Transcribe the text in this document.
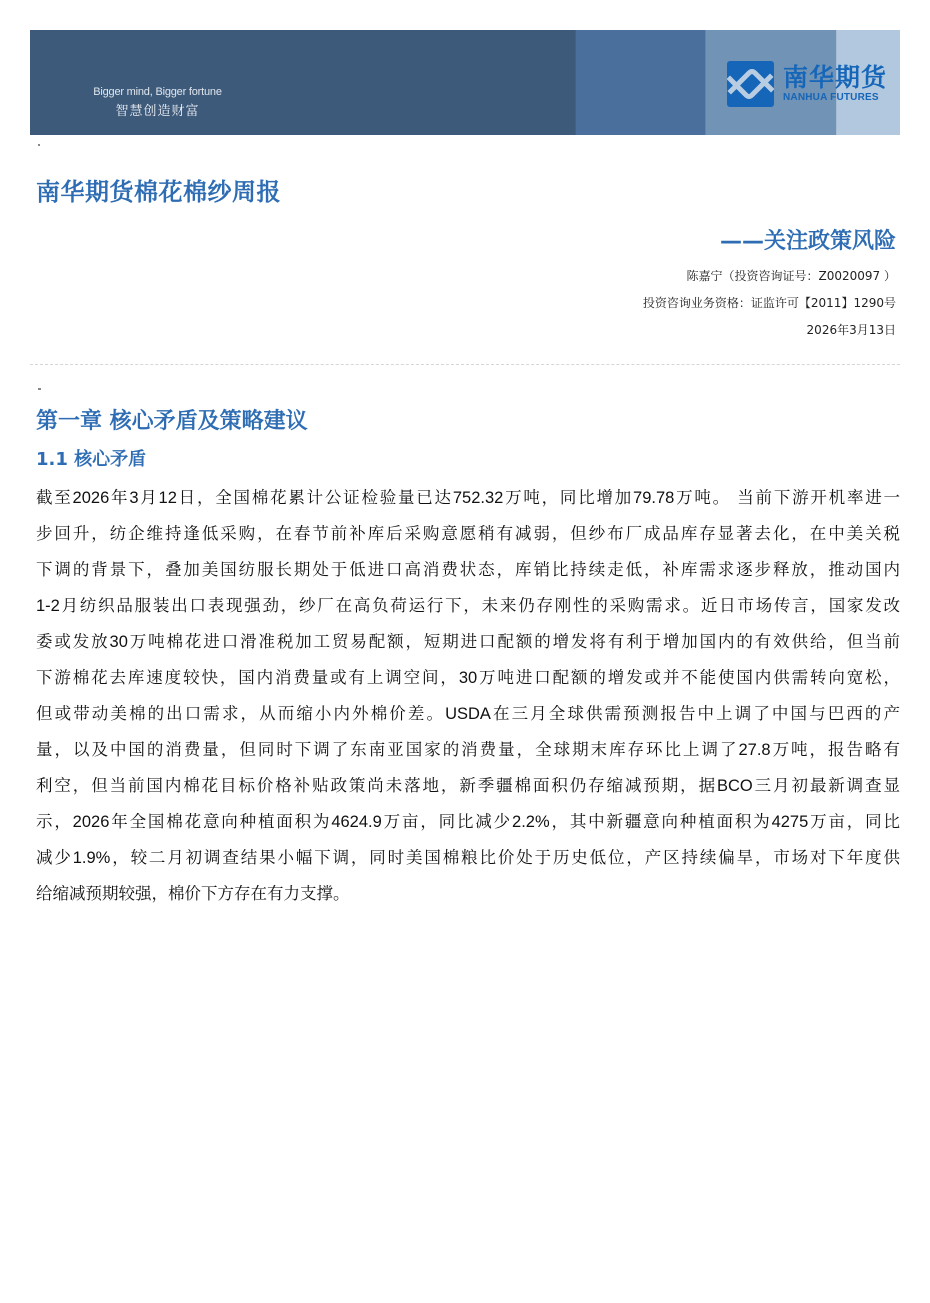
Bigger mind, Bigger fortune
智慧创造财富
南华期货
NANHUA FUTURES
南华期货棉花棉纱周报
——关注政策风险
陈嘉宁（投资咨询证号：Z0020097 ）
投资咨询业务资格：证监许可【2011】1290号
2026年3月13日
第一章 核心矛盾及策略建议
1.1 核心矛盾
截至2026年3月12日，全国棉花累计公证检验量已达752.32万吨，同比增加79.78万吨。 当前下游开机率进一
步回升，纺企维持逢低采购，在春节前补库后采购意愿稍有减弱，但纱布厂成品库存显著去化，在中美关税
下调的背景下，叠加美国纺服长期处于低进口高消费状态，库销比持续走低，补库需求逐步释放，推动国内
1-2月纺织品服装出口表现强劲，纱厂在高负荷运行下，未来仍存刚性的采购需求。近日市场传言，国家发改
委或发放30万吨棉花进口滑准税加工贸易配额，短期进口配额的增发将有利于增加国内的有效供给，但当前
下游棉花去库速度较快，国内消费量或有上调空间，30万吨进口配额的增发或并不能使国内供需转向宽松，
但或带动美棉的出口需求，从而缩小内外棉价差。USDA在三月全球供需预测报告中上调了中国与巴西的产
量，以及中国的消费量，但同时下调了东南亚国家的消费量，全球期末库存环比上调了27.8万吨，报告略有
利空，但当前国内棉花目标价格补贴政策尚未落地，新季疆棉面积仍存缩减预期，据BCO三月初最新调查显
示，2026年全国棉花意向种植面积为4624.9万亩，同比减少2.2%，其中新疆意向种植面积为4275万亩，同比
减少1.9%，较二月初调查结果小幅下调，同时美国棉粮比价处于历史低位，产区持续偏旱，市场对下年度供
给缩减预期较强，棉价下方存在有力支撑。
